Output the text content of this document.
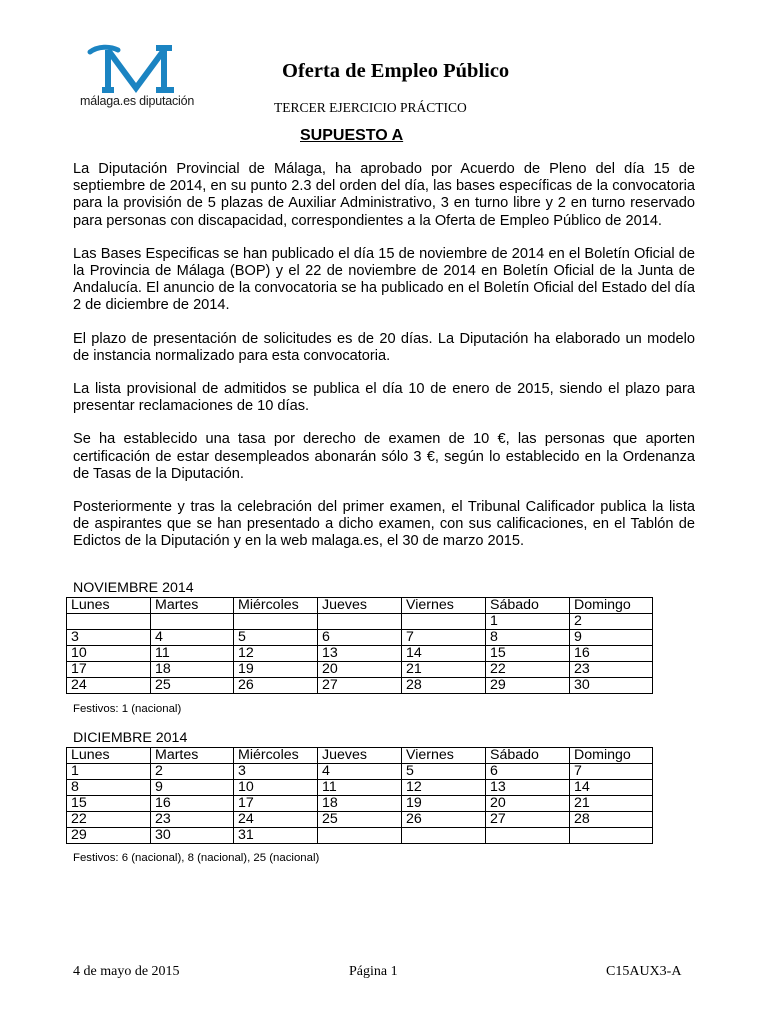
málaga.es diputación
Oferta de Empleo Público
TERCER EJERCICIO PRÁCTICO
SUPUESTO A

La Diputación Provincial de Málaga, ha aprobado por Acuerdo de Pleno del día 15 de septiembre de 2014, en su punto 2.3 del orden del día, las bases específicas de la convocatoria para la provisión de 5 plazas de Auxiliar Administrativo, 3 en turno libre y 2 en turno reservado para personas con discapacidad, correspondientes a la Oferta de Empleo Público de 2014.

Las Bases Especificas se han publicado el día 15 de noviembre de 2014 en el Boletín Oficial de la Provincia de Málaga (BOP) y el 22 de noviembre de 2014 en Boletín Oficial de la Junta de Andalucía. El anuncio de la convocatoria se ha publicado en el Boletín Oficial del Estado del día 2 de diciembre de 2014.

El plazo de presentación de solicitudes es de 20 días. La Diputación ha elaborado un modelo de instancia normalizado para esta convocatoria.

La lista provisional de admitidos se publica el día 10 de enero de 2015, siendo el plazo para presentar reclamaciones de 10 días.

Se ha establecido una tasa por derecho de examen de 10 €, las personas que aporten certificación de estar desempleados abonarán sólo 3 €, según lo establecido en la Ordenanza de Tasas de la Diputación.

Posteriormente y tras la celebración del primer examen, el Tribunal Calificador publica la lista de aspirantes que se han presentado a dicho examen, con sus calificaciones, en el Tablón de Edictos de la Diputación y en la web malaga.es, el 30 de marzo 2015.

NOVIEMBRE 2014
Lunes	Martes	Miércoles	Jueves	Viernes	Sábado	Domingo
					1	2
3	4	5	6	7	8	9
10	11	12	13	14	15	16
17	18	19	20	21	22	23
24	25	26	27	28	29	30
Festivos: 1 (nacional)
DICIEMBRE 2014
Lunes	Martes	Miércoles	Jueves	Viernes	Sábado	Domingo
1	2	3	4	5	6	7
8	9	10	11	12	13	14
15	16	17	18	19	20	21
22	23	24	25	26	27	28
29	30	31				
Festivos: 6 (nacional), 8 (nacional), 25 (nacional)
4 de mayo de 2015	Página 1	C15AUX3-A
